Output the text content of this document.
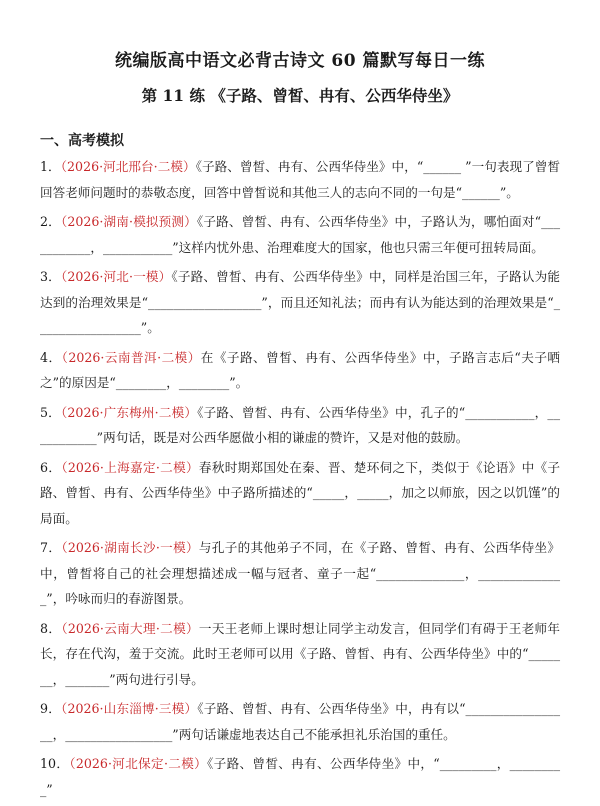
统编版高中语文必背古诗文 60 篇默写每日一练
第 11 练 《子路、曾皙、冉有、公西华侍坐》
一、高考模拟

1．（2026·河北邢台·二模）《子路、曾皙、冉有、公西华侍坐》中，“______ ”一句表现了曾皙回答老师问题时的恭敬态度，回答中曾皙说和其他三人的志向不同的一句是“______”。

2．（2026·湖南·模拟预测）《子路、曾皙、冉有、公西华侍坐》中，子路认为，哪怕面对“___________，___________”这样内忧外患、治理难度大的国家，他也只需三年便可扭转局面。

3．（2026·河北·一模）《子路、曾皙、冉有、公西华侍坐》中，同样是治国三年，子路认为能达到的治理效果是“__________________”，而且还知礼法；而冉有认为能达到的治理效果是“_________________”。

4．（2026·云南普洱·二模）在《子路、曾皙、冉有、公西华侍坐》中，子路言志后“夫子哂之”的原因是“________，________”。

5．（2026·广东梅州·二模）《子路、曾皙、冉有、公西华侍坐》中，孔子的“___________，___________”两句话，既是对公西华愿做小相的谦虚的赞许，又是对他的鼓励。

6．（2026·上海嘉定·二模）春秋时期郑国处在秦、晋、楚环伺之下，类似于《论语》中《子路、曾皙、冉有、公西华侍坐》中子路所描述的“_____，_____，加之以师旅，因之以饥馑”的局面。

7．（2026·湖南长沙·一模）与孔子的其他弟子不同，在《子路、曾皙、冉有、公西华侍坐》中，曾皙将自己的社会理想描述成一幅与冠者、童子一起“______________，______________”，吟咏而归的春游图景。

8．（2026·云南大理·二模）一天王老师上课时想让同学主动发言，但同学们有碍于王老师年长，存在代沟，羞于交流。此时王老师可以用《子路、曾皙、冉有、公西华侍坐》中的“_______，_______”两句进行引导。

9．（2026·山东淄博·三模）《子路、曾皙、冉有、公西华侍坐》中，冉有以“_________________，_________________”两句话谦虚地表达自己不能承担礼乐治国的重任。

10．（2026·河北保定·二模）《子路、曾皙、冉有、公西华侍坐》中，“_________，_________”
